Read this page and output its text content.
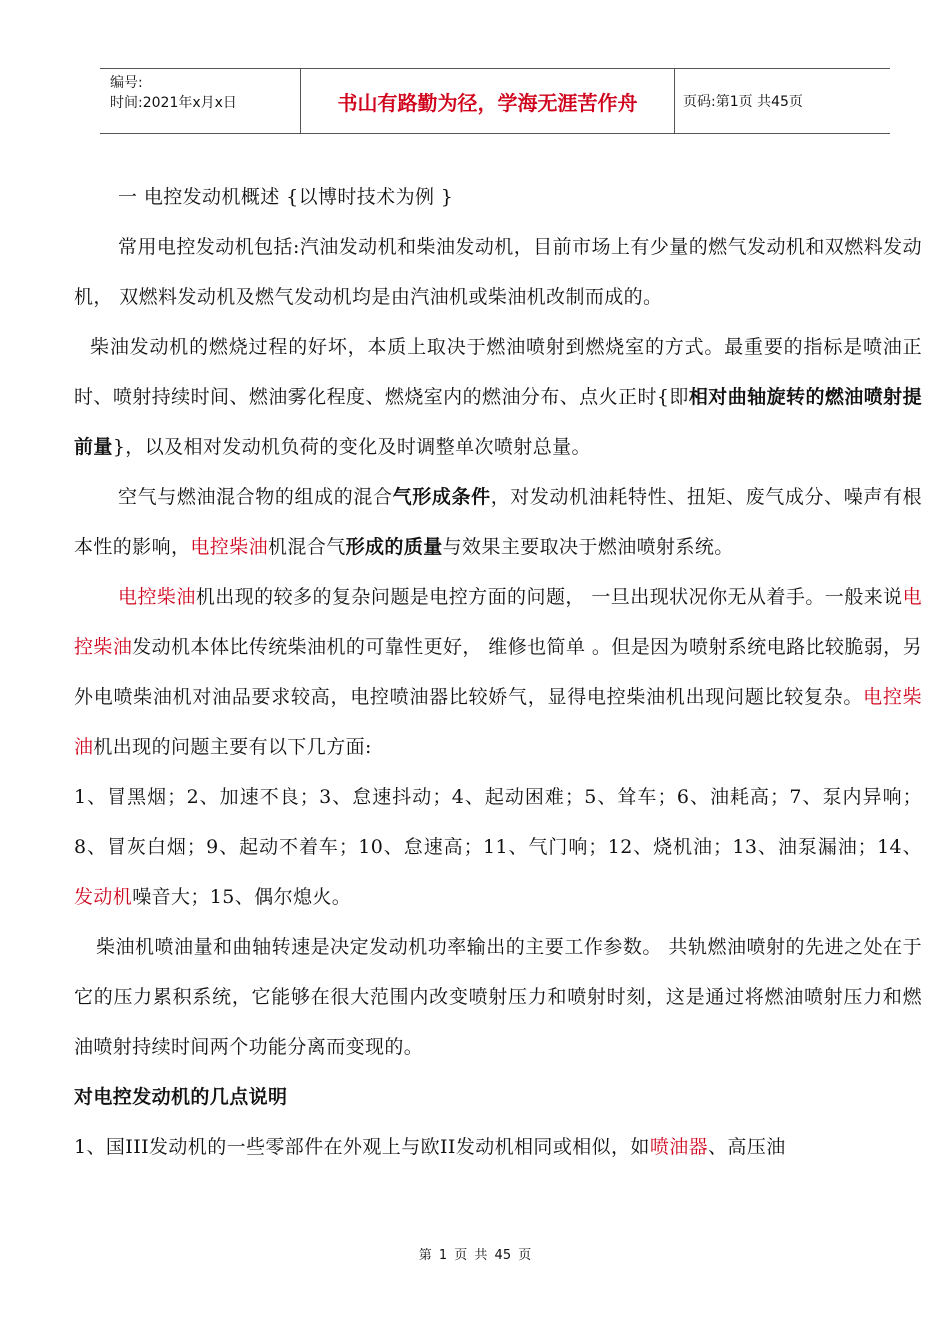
编号:
时间:2021年x月x日	书山有路勤为径，学海无涯苦作舟	页码:第1页 共45页

一 电控发动机概述 {以博时技术为例 }

常用电控发动机包括:汽油发动机和柴油发动机，目前市场上有少量的燃气发动机和双燃料发动机， 双燃料发动机及燃气发动机均是由汽油机或柴油机改制而成的。

柴油发动机的燃烧过程的好坏，本质上取决于燃油喷射到燃烧室的方式。最重要的指标是喷油正时、喷射持续时间、燃油雾化程度、燃烧室内的燃油分布、点火正时{即相对曲轴旋转的燃油喷射提前量}，以及相对发动机负荷的变化及时调整单次喷射总量。

空气与燃油混合物的组成的混合气形成条件，对发动机油耗特性、扭矩、废气成分、噪声有根本性的影响，电控柴油机混合气形成的质量与效果主要取决于燃油喷射系统。

电控柴油机出现的较多的复杂问题是电控方面的问题， 一旦出现状况你无从着手。一般来说电控柴油发动机本体比传统柴油机的可靠性更好， 维修也简单 。但是因为喷射系统电路比较脆弱，另外电喷柴油机对油品要求较高，电控喷油器比较娇气，显得电控柴油机出现问题比较复杂。电控柴油机出现的问题主要有以下几方面:

1、冒黑烟；2、加速不良；3、怠速抖动；4、起动困难；5、耸车；6、油耗高；7、泵内异响；8、冒灰白烟；9、起动不着车；10、怠速高；11、气门响；12、烧机油；13、油泵漏油；14、发动机噪音大；15、偶尔熄火。

柴油机喷油量和曲轴转速是决定发动机功率输出的主要工作参数。 共轨燃油喷射的先进之处在于它的压力累积系统，它能够在很大范围内改变喷射压力和喷射时刻，这是通过将燃油喷射压力和燃油喷射持续时间两个功能分离而变现的。

对电控发动机的几点说明

1、国III发动机的一些零部件在外观上与欧II发动机相同或相似，如喷油器、高压油

第 1 页 共 45 页
